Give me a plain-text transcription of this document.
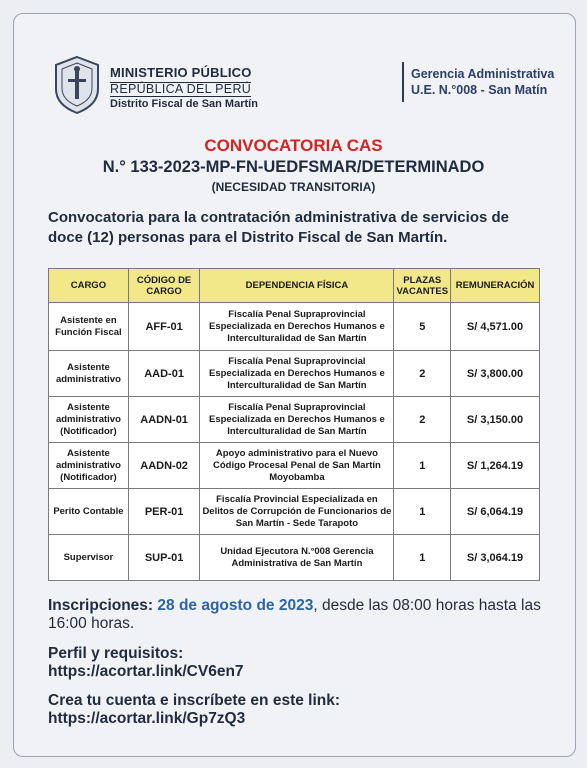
MINISTERIO PÚBLICO
REPÚBLICA DEL PERÚ
Distrito Fiscal de San Martín
Gerencia Administrativa
U.E. N.°008 - San Matín
CONVOCATORIA CAS
N.° 133-2023-MP-FN-UEDFSMAR/DETERMINADO
(NECESIDAD TRANSITORIA)
Convocatoria para la contratación administrativa de servicios de doce (12) personas para el Distrito Fiscal de San Martín.
CARGO	CÓDIGO DE CARGO	DEPENDENCIA FÍSICA	PLAZAS VACANTES	REMUNERACIÓN
Asistente en Función Fiscal	AFF-01	Fiscalía Penal Supraprovincial Especializada en Derechos Humanos e Interculturalidad de San Martín	5	S/ 4,571.00
Asistente administrativo	AAD-01	Fiscalía Penal Supraprovincial Especializada en Derechos Humanos e Interculturalidad de San Martín	2	S/ 3,800.00
Asistente administrativo (Notificador)	AADN-01	Fiscalía Penal Supraprovincial Especializada en Derechos Humanos e Interculturalidad de San Martín	2	S/ 3,150.00
Asistente administrativo (Notificador)	AADN-02	Apoyo administrativo para el Nuevo Código Procesal Penal de San Martín Moyobamba	1	S/ 1,264.19
Perito Contable	PER-01	Fiscalía Provincial Especializada en Delitos de Corrupción de Funcionarios de San Martín - Sede Tarapoto	1	S/ 6,064.19
Supervisor	SUP-01	Unidad Ejecutora N.°008 Gerencia Administrativa de San Martín	1	S/ 3,064.19
Inscripciones: 28 de agosto de 2023, desde las 08:00 horas hasta las 16:00 horas.
Perfil y requisitos:
https://acortar.link/CV6en7
Crea tu cuenta e inscríbete en este link:
https://acortar.link/Gp7zQ3
